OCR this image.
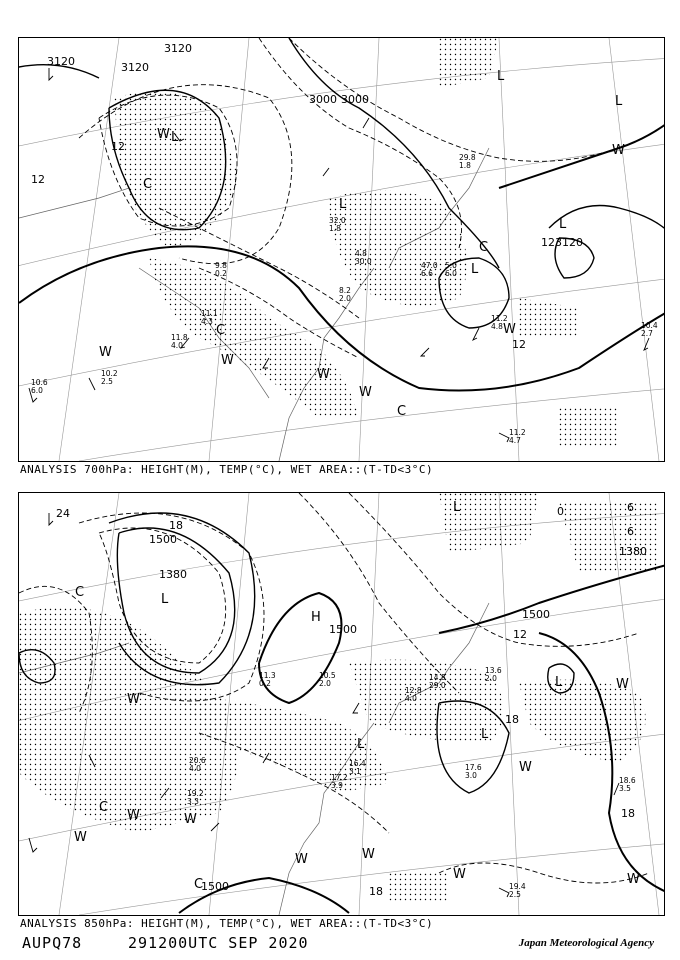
3120	3120
3120
3000 3000
123120
12
12
12
L
L
L
L
L
L
C
C
C
C
W
W
W
W
W
W
W
11.2
4.8	10.4
2.7
11.2
4.7
11.8
4.0
10.2
2.5
10.6
6.0
8.2
2.0
47.0
6.6
5.0
6.0
32.0
1.8
29.8
1.8
9.8
0.2
4.8
30.0
11.1
4.3
ANALYSIS 700hPa: HEIGHT(M), TEMP(°C), WET AREA::(T-TD<3°C)
1500
1500
1500
1500
1380
1380
24
18
18
18
18
12
6
6
0
L
L
L
L
L
H
C
C
C
W
W
W
W
W	W
W
W
W
W
19.4
2.5
17.2
3.9
16.4
3.1	17.6
3.0
13.6
2.0
19.2
3.3
20.6
4.0
18.6
3.5
14.8
29.0
11.3
0.2
10.5
2.0
12.8
4.0
ANALYSIS 850hPa: HEIGHT(M), TEMP(°C), WET AREA::(T-TD<3°C)
AUPQ78	291200UTC SEP 2020	Japan Meteorological Agency
